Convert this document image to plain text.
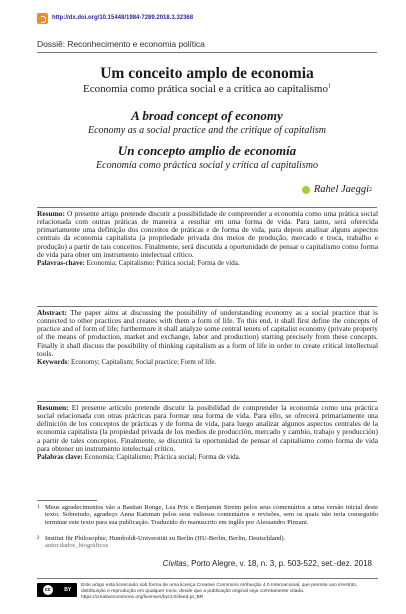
http://dx.doi.org/10.15448/1984-7289.2018.3.32368
Dossiê: Reconhecimento e economia política
Um conceito amplo de economia
Economia como prática social e a crítica ao capitalismo$^1$
A broad concept of economy
Economy as a social practice and the critique of capitalism
Un concepto amplio de economía
Economía como práctica social y crítica al capitalismo
Rahel Jaeggi 2
Resumo: O presente artigo pretende discutir a possibilidade de compreender a economia como uma prática social relacionada com outras práticas de maneira a resultar em uma forma de vida. Para tanto, será oferecida primariamente uma definição dos conceitos de práticas e de forma de vida, para depois analisar alguns aspectos centrais da economia capitalista (a propriedade privada dos meios de produção, mercado e troca, trabalho e produção) a partir de tais conceitos. Finalmente, será discutida a oportunidade de pensar o capitalismo como forma de vida para obter um instrumento intelectual crítico.
Palavras-chave: Economia; Capitalismo; Prática social; Forma de vida.
Abstract: The paper aims at discussing the possibility of understanding economy as a social practice that is connected to other practices and creates with them a form of life. To this end, it shall first define the concepts of practice and of form of life; furthermore it shall analyze some central tenets of capitalist economy (private property of the means of production, market and exchange, labor and production) starting precisely from these concepts. Finally it shall discuss the possibility of thinking capitalism as a form of life in order to create critical intellectual tools.
Keywords: Economy; Capitalism; Social practice; Form of life.
Resumen: El presente artículo pretende discutir la posibilidad de comprender la economía como una práctica social relacionada con otras prácticas para formar una forma de vida. Para ello, se ofrecerá primariamente una definición de los conceptos de prácticas y de forma de vida, para luego analizar algunos aspectos centrales de la economía capitalista (la propiedad privada de los medios de producción, mercado y cambio, trabajo y producción) a partir de tales conceptos. Finalmente, se discutirá la oportunidad de pensar el capitalismo como forma de vida para obtener un instrumento intelectual crítico.
Palabras clave: Economía; Capitalismo; Práctica social; Forma de vida.
1 Meus agradecimentos vão a Bastian Ronge, Lea Prix e Benjamin Streim pelos seus comentários a uma versão inicial deste texto. Sobretudo, agradeço Anna Katsman pelos seus valiosos comentários e revisões, sem os quais não teria conseguido terminar este texto para sua publicação. Traduzido do manuscrito em inglês por Alessandro Pinzani.
2 Institut für Philosophie, Humboldt-Universität zu Berlin (HU-Berlin, Berlin, Deutschland).
autor.dados_biográficos
Civitas, Porto Alegre, v. 18, n. 3, p. 503-522, set.-dez. 2018
cc	BY
Este artigo está licenciado sob forma de uma licença Creative Commons Atribuição 4.0 Internacional, que permite uso irrestrito, distribuição e reprodução em qualquer meio, desde que a publicação original seja corretamente citada. https://creativecommons.org/licenses/by/4.0/deed.pt_BR
